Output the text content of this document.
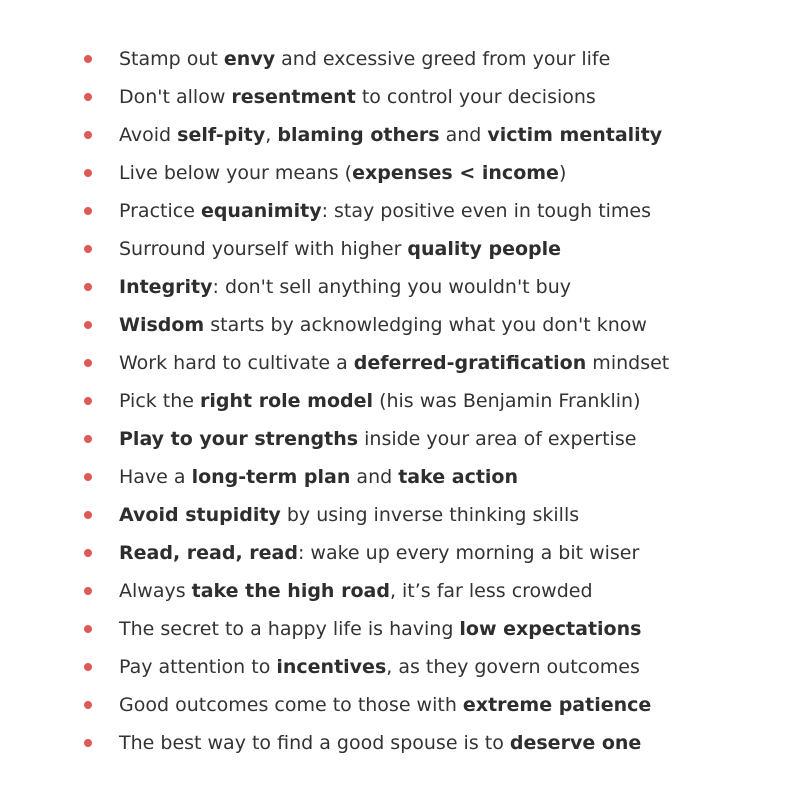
Stamp out envy and excessive greed from your life
Don't allow resentment to control your decisions
Avoid self-pity, blaming others and victim mentality
Live below your means (expenses < income)
Practice equanimity: stay positive even in tough times
Surround yourself with higher quality people
Integrity: don't sell anything you wouldn't buy
Wisdom starts by acknowledging what you don't know
Work hard to cultivate a deferred-gratification mindset
Pick the right role model (his was Benjamin Franklin)
Play to your strengths inside your area of expertise
Have a long-term plan and take action
Avoid stupidity by using inverse thinking skills
Read, read, read: wake up every morning a bit wiser
Always take the high road, it’s far less crowded
The secret to a happy life is having low expectations
Pay attention to incentives, as they govern outcomes
Good outcomes come to those with extreme patience
The best way to find a good spouse is to deserve one
